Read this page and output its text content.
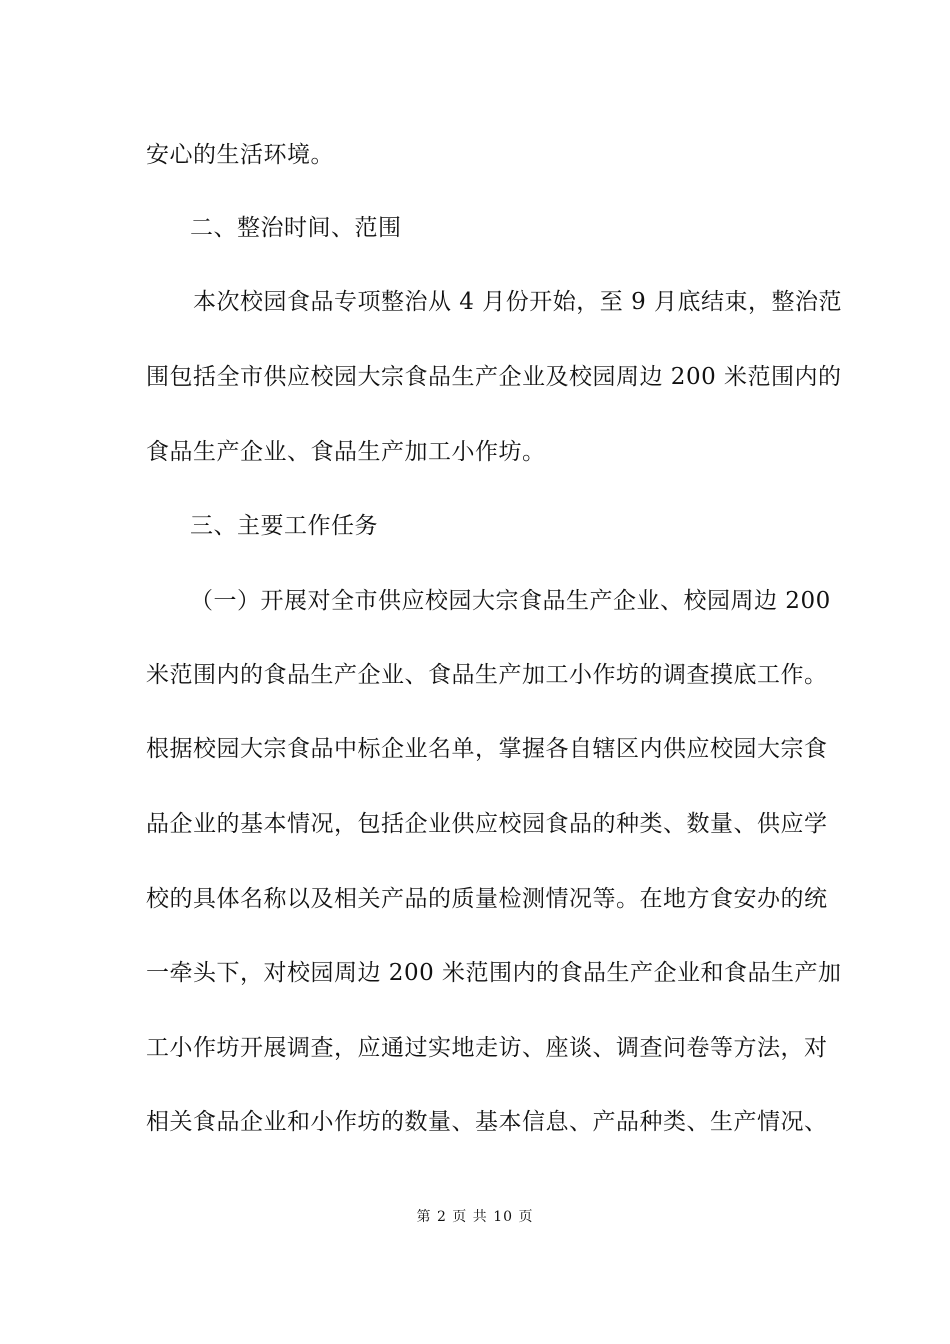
安心的生活环境。
二、整治时间、范围
本次校园食品专项整治从 4 月份开始，至 9 月底结束，整治范
围包括全市供应校园大宗食品生产企业及校园周边 200 米范围内的
食品生产企业、食品生产加工小作坊。
三、主要工作任务
（一）开展对全市供应校园大宗食品生产企业、校园周边 200
米范围内的食品生产企业、食品生产加工小作坊的调查摸底工作。
根据校园大宗食品中标企业名单，掌握各自辖区内供应校园大宗食
品企业的基本情况，包括企业供应校园食品的种类、数量、供应学
校的具体名称以及相关产品的质量检测情况等。在地方食安办的统
一牵头下，对校园周边 200 米范围内的食品生产企业和食品生产加
工小作坊开展调查，应通过实地走访、座谈、调查问卷等方法，对
相关食品企业和小作坊的数量、基本信息、产品种类、生产情况、
第 2 页 共 10 页
